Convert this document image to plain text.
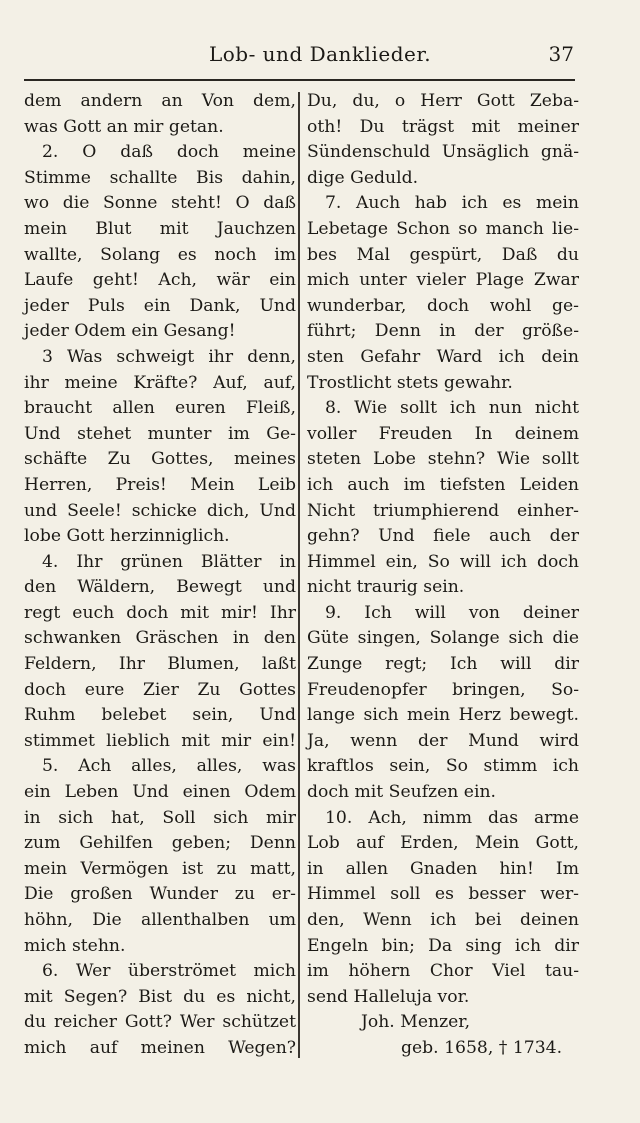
Lob- und Danklieder.	37
dem andern an Von dem,
was Gott an mir getan.
2. O daß doch meine
Stimme schallte Bis dahin,
wo die Sonne steht! O daß
mein Blut mit Jauchzen
wallte, Solang es noch im
Laufe geht! Ach, wär ein
jeder Puls ein Dank, Und
jeder Odem ein Gesang!
3 Was schweigt ihr denn,
ihr meine Kräfte? Auf, auf,
braucht allen euren Fleiß,
Und stehet munter im Ge-
schäfte Zu Gottes, meines
Herren, Preis! Mein Leib
und Seele! schicke dich, Und
lobe Gott herzinniglich.
4. Ihr grünen Blätter in
den Wäldern, Bewegt und
regt euch doch mit mir! Ihr
schwanken Gräschen in den
Feldern, Ihr Blumen, laßt
doch eure Zier Zu Gottes
Ruhm belebet sein, Und
stimmet lieblich mit mir ein!
5. Ach alles, alles, was
ein Leben Und einen Odem
in sich hat, Soll sich mir
zum Gehilfen geben; Denn
mein Vermögen ist zu matt,
Die großen Wunder zu er-
höhn, Die allenthalben um
mich stehn.
6. Wer überströmet mich
mit Segen? Bist du es nicht,
du reicher Gott? Wer schützet
mich auf meinen Wegen?
Du, du, o Herr Gott Zeba-
oth! Du trägst mit meiner
Sündenschuld Unsäglich gnä-
dige Geduld.
7. Auch hab ich es mein
Lebetage Schon so manch lie-
bes Mal gespürt, Daß du
mich unter vieler Plage Zwar
wunderbar, doch wohl ge-
führt; Denn in der größe-
sten Gefahr Ward ich dein
Trostlicht stets gewahr.
8. Wie sollt ich nun nicht
voller Freuden In deinem
steten Lobe stehn? Wie sollt
ich auch im tiefsten Leiden
Nicht triumphierend einher-
gehn? Und fiele auch der
Himmel ein, So will ich doch
nicht traurig sein.
9. Ich will von deiner
Güte singen, Solange sich die
Zunge regt; Ich will dir
Freudenopfer bringen, So-
lange sich mein Herz bewegt.
Ja, wenn der Mund wird
kraftlos sein, So stimm ich
doch mit Seufzen ein.
10. Ach, nimm das arme
Lob auf Erden, Mein Gott,
in allen Gnaden hin! Im
Himmel soll es besser wer-
den, Wenn ich bei deinen
Engeln bin; Da sing ich dir
im höhern Chor Viel tau-
send Halleluja vor.
Joh. Menzer,
geb. 1658, † 1734.
